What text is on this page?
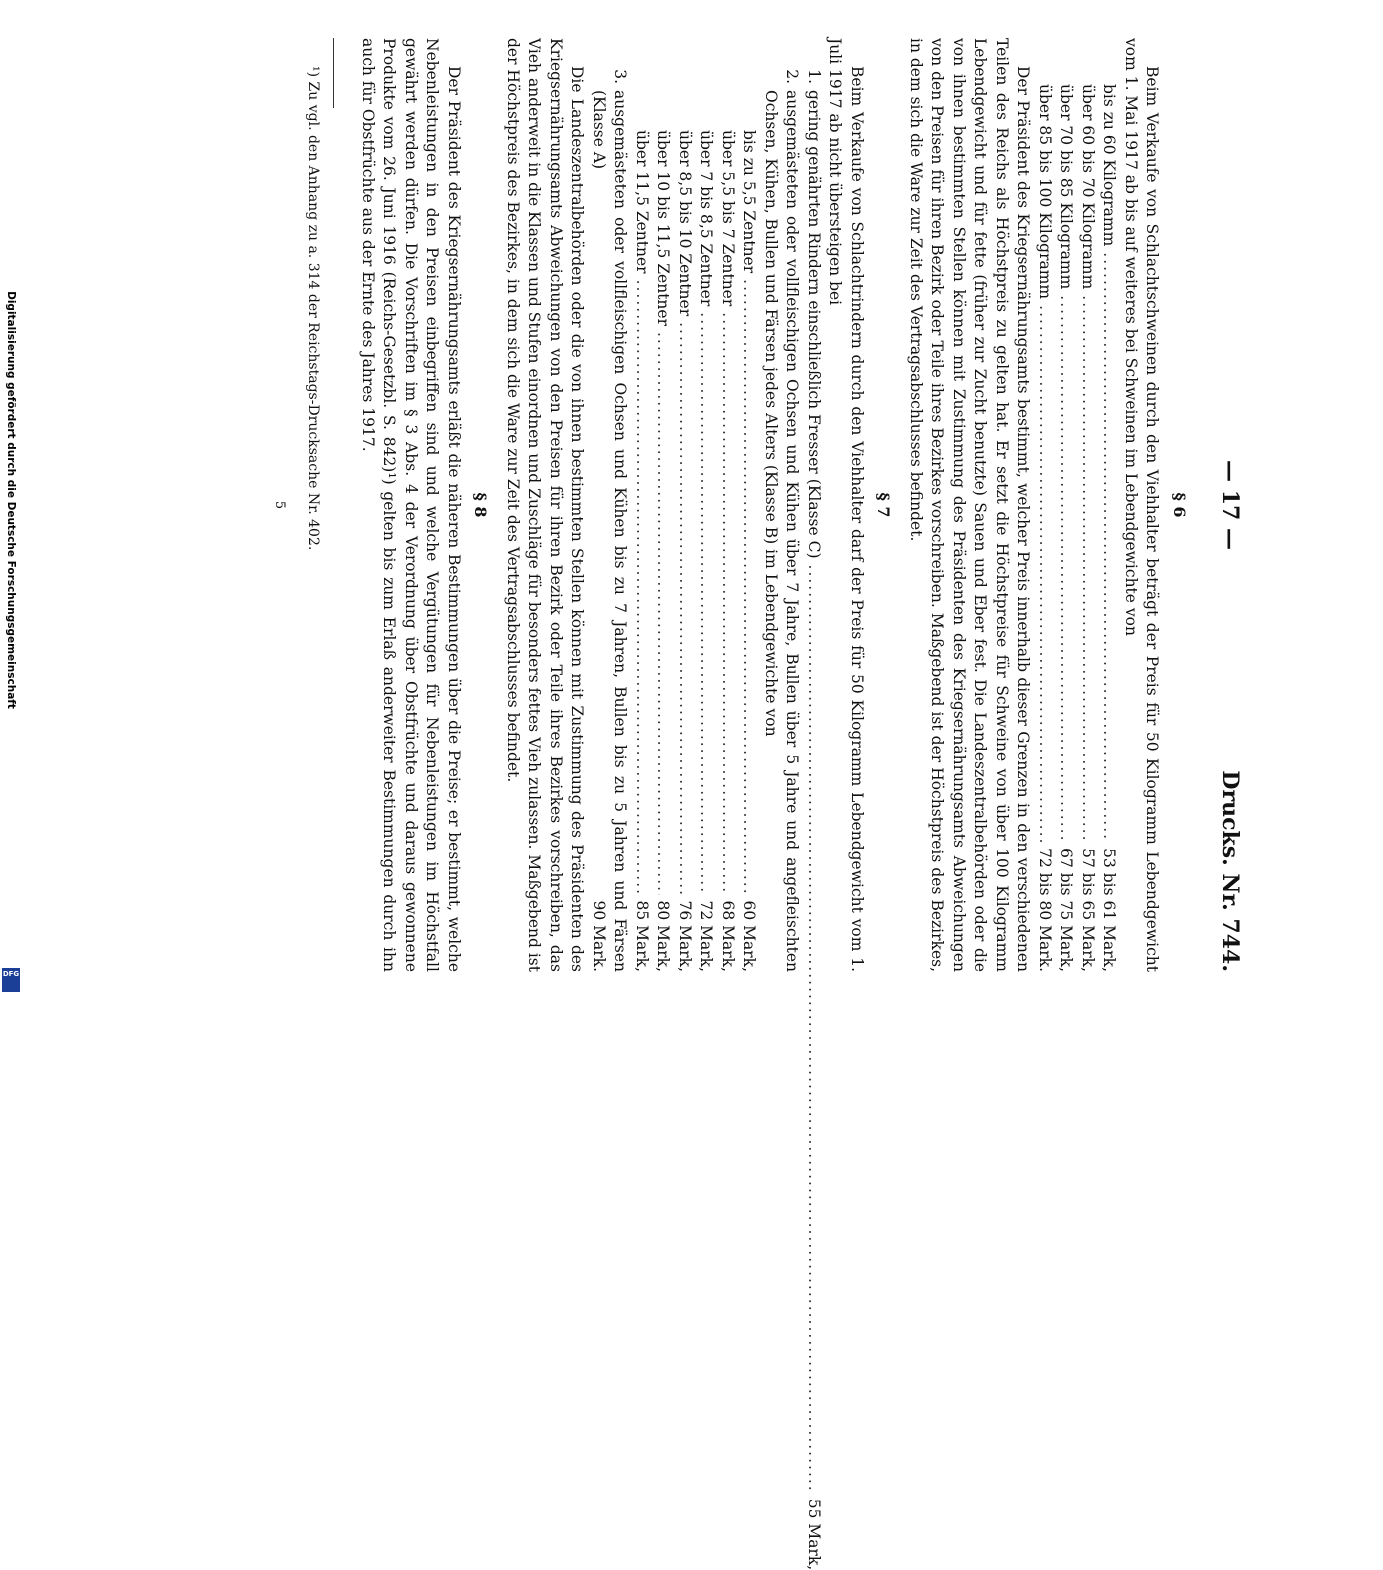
Digitalisierung gefördert durch die Deutsche Forschungsgemeinschaft
DFG
— 17 —
Drucks. Nr. 744.
§ 6

Beim Verkaufe von Schlachtschweinen durch den Viehhalter beträgt der Preis für 50 Kilogramm Lebendgewicht vom 1. Mai 1917 ab bis auf weiteres bei Schweinen im Lebendgewichte von

bis zu 60 Kilogramm
.....
53 bis 61 Mark,
über 60 bis 70 Kilogramm
.....
57 bis 65 Mark,
über 70 bis 85 Kilogramm
.....
67 bis 75 Mark,
über 85 bis 100 Kilogramm
.....
72 bis 80 Mark.

Der Präsident des Kriegsernährungsamts bestimmt, welcher Preis innerhalb dieser Grenzen in den verschiedenen Teilen des Reichs als Höchstpreis zu gelten hat. Er setzt die Höchstpreise für Schweine von über 100 Kilogramm Lebendgewicht und für fette (früher zur Zucht benutzte) Sauen und Eber fest. Die Landeszentralbehörden oder die von ihnen bestimmten Stellen können mit Zustimmung des Präsidenten des Kriegsernährungsamts Abweichungen von den Preisen für ihren Bezirk oder Teile ihres Bezirkes vorschreiben. Maßgebend ist der Höchstpreis des Bezirkes, in dem sich die Ware zur Zeit des Vertragsabschlusses befindet.

§ 7

Beim Verkaufe von Schlachtrindern durch den Viehhalter darf der Preis für 50 Kilogramm Lebendgewicht vom 1. Juli 1917 ab nicht übersteigen bei

1.
gering genährten Rindern einschließlich Fresser (Klasse C)
.....
55 Mark,
2.
ausgemästeten oder vollfleischigen Ochsen und Kühen über 7 Jahre, Bullen über 5 Jahre und angefleischten Ochsen, Kühen, Bullen und Färsen jedes Alters (Klasse B) im Lebendgewichte von
bis zu 5,5 Zentner
.....
60 Mark,
über 5,5 bis 7 Zentner
.....
68 Mark,
über 7 bis 8,5 Zentner
.....
72 Mark,
über 8,5 bis 10 Zentner
.....
76 Mark,
über 10 bis 11,5 Zentner
.....
80 Mark,
über 11,5 Zentner
.....
85 Mark,
3.
ausgemästeten oder vollfleischigen Ochsen und Kühen bis zu 7 Jahren, Bullen bis zu 5 Jahren und Färsen (Klasse A)
90 Mark.

Die Landeszentralbehörden oder die von ihnen bestimmten Stellen können mit Zustimmung des Präsidenten des Kriegsernährungsamts Abweichungen von den Preisen für ihren Bezirk oder Teile ihres Bezirkes vorschreiben, das Vieh anderweit in die Klassen und Stufen einordnen und Zuschläge für besonders fettes Vieh zulassen. Maßgebend ist der Höchstpreis des Bezirkes, in dem sich die Ware zur Zeit des Vertragsabschlusses befindet.

§ 8

Der Präsident des Kriegsernährungsamts erläßt die näheren Bestimmungen über die Preise; er bestimmt, welche Nebenleistungen in den Preisen einbegriffen sind und welche Vergütungen für Nebenleistungen im Höchstfall gewährt werden dürfen. Die Vorschriften im § 3 Abs. 4 der Verordnung über Obstfrüchte und daraus gewonnene Produkte vom 26. Juni 1916 (Reichs-Gesetzbl. S. 842)¹) gelten bis zum Erlaß anderweiter Bestimmungen durch ihn auch für Obstfrüchte aus der Ernte des Jahres 1917.

¹) Zu vgl. den Anhang zu a. 314 der Reichstags-Drucksache Nr. 402.

5
